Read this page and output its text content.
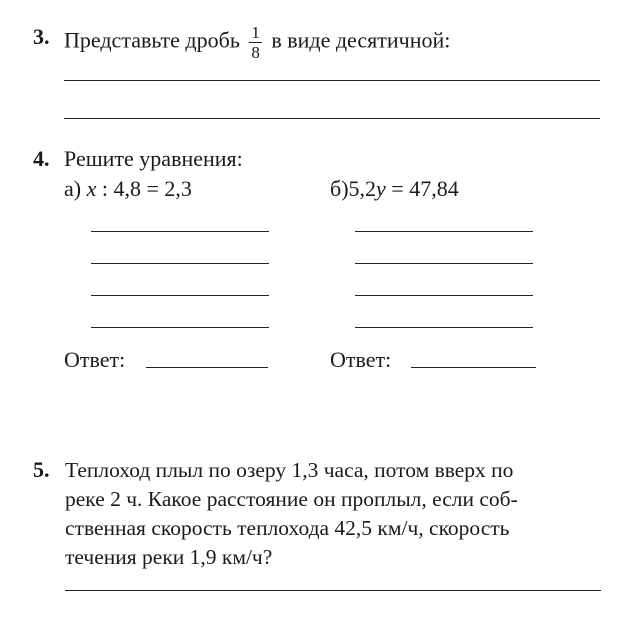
3. Представьте дробь $\frac{1}{8}$ в виде десятичной:
4. Решите уравнения:
а) x : 4,8 = 2,3	б)5,2y = 47,84
Ответ:	Ответ:
5. Теплоход плыл по озеру 1,3 часа, потом вверх по
реке 2 ч. Какое расстояние он проплыл, если соб-
ственная скорость теплохода 42,5 км/ч, скорость
течения реки 1,9 км/ч?
